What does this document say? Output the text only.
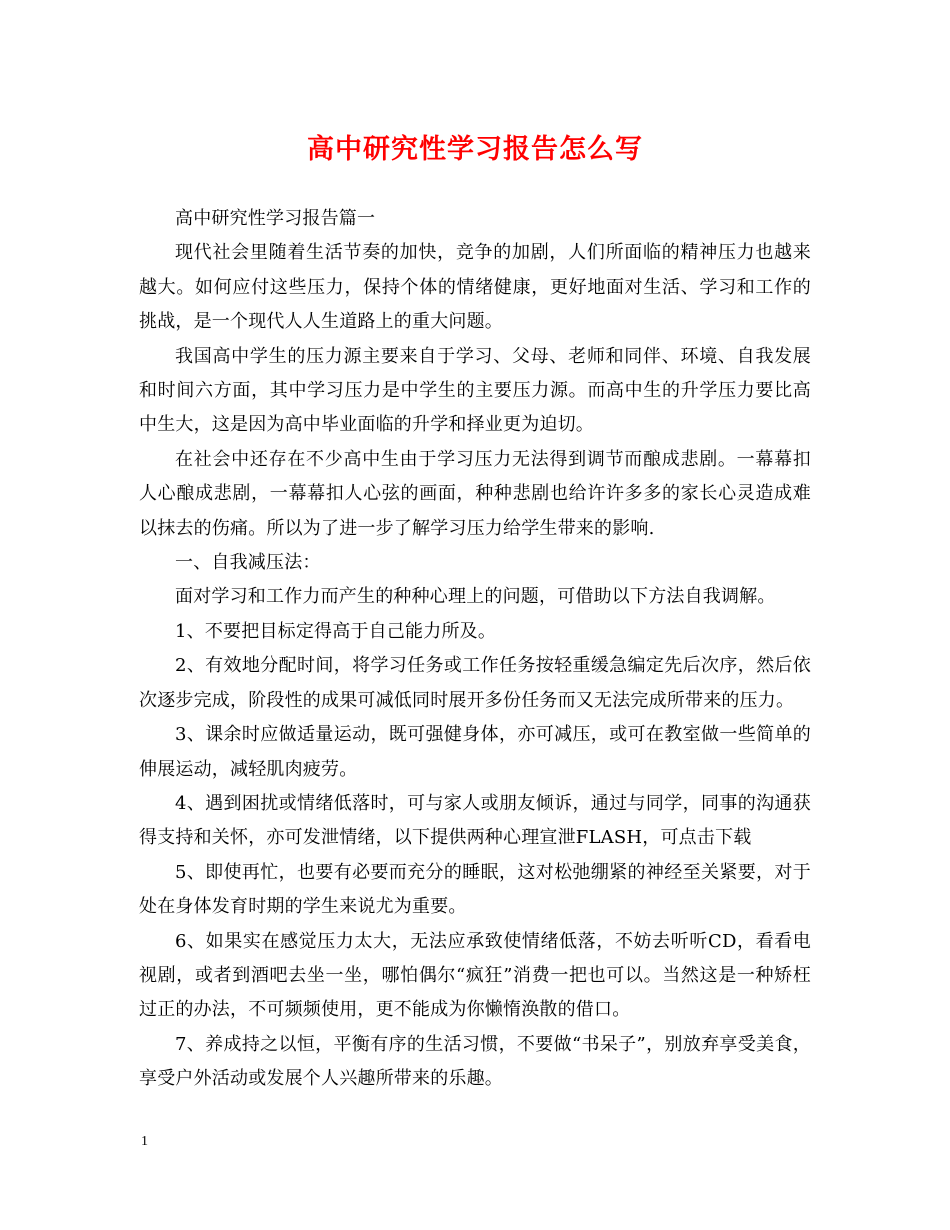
高中研究性学习报告怎么写

高中研究性学习报告篇一

现代社会里随着生活节奏的加快，竞争的加剧，人们所面临的精神压力也越来越大。如何应付这些压力，保持个体的情绪健康，更好地面对生活、学习和工作的挑战，是一个现代人人生道路上的重大问题。

我国高中学生的压力源主要来自于学习、父母、老师和同伴、环境、自我发展和时间六方面，其中学习压力是中学生的主要压力源。而高中生的升学压力要比高中生大，这是因为高中毕业面临的升学和择业更为迫切。

在社会中还存在不少高中生由于学习压力无法得到调节而酿成悲剧。一幕幕扣人心酿成悲剧，一幕幕扣人心弦的画面，种种悲剧也给许许多多的家长心灵造成难以抹去的伤痛。所以为了进一步了解学习压力给学生带来的影响.

一、自我减压法：

面对学习和工作力而产生的种种心理上的问题，可借助以下方法自我调解。

1、不要把目标定得高于自己能力所及。

2、有效地分配时间，将学习任务或工作任务按轻重缓急编定先后次序，然后依次逐步完成，阶段性的成果可减低同时展开多份任务而又无法完成所带来的压力。

3、课余时应做适量运动，既可强健身体，亦可减压，或可在教室做一些简单的伸展运动，减轻肌肉疲劳。

4、遇到困扰或情绪低落时，可与家人或朋友倾诉，通过与同学，同事的沟通获得支持和关怀，亦可发泄情绪，以下提供两种心理宣泄FLASH，可点击下载

5、即使再忙，也要有必要而充分的睡眠，这对松弛绷紧的神经至关紧要，对于处在身体发育时期的学生来说尤为重要。

6、如果实在感觉压力太大，无法应承致使情绪低落，不妨去听听CD，看看电视剧，或者到酒吧去坐一坐，哪怕偶尔“疯狂”消费一把也可以。当然这是一种矫枉过正的办法，不可频频使用，更不能成为你懒惰涣散的借口。

7、养成持之以恒，平衡有序的生活习惯，不要做“书呆子”，别放弃享受美食，享受户外活动或发展个人兴趣所带来的乐趣。

1
